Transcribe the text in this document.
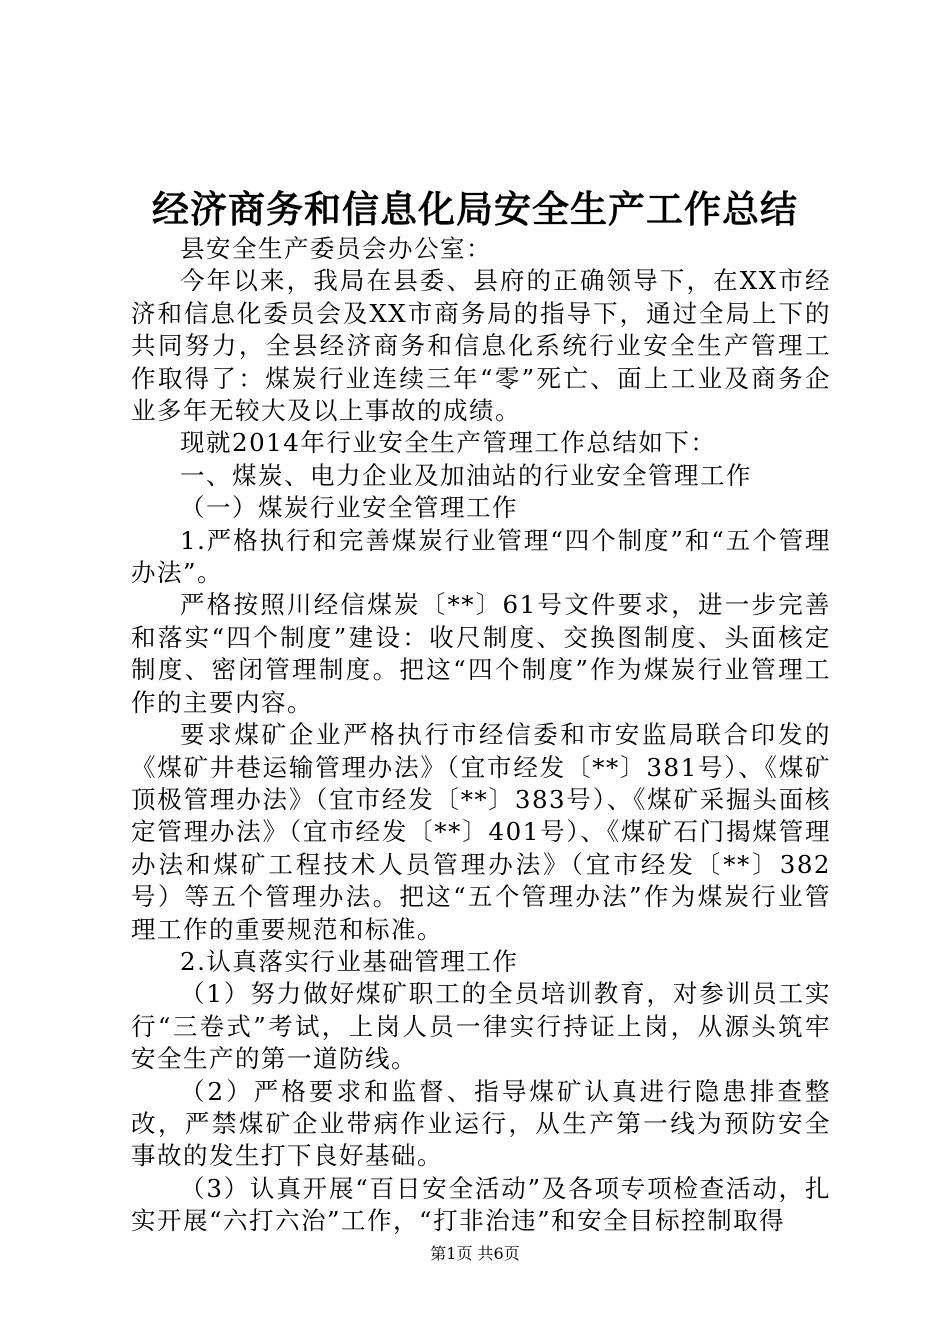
经济商务和信息化局安全生产工作总结

县安全生产委员会办公室：

今年以来，我局在县委、县府的正确领导下，在XX市经济和信息化委员会及XX市商务局的指导下，通过全局上下的共同努力，全县经济商务和信息化系统行业安全生产管理工作取得了：煤炭行业连续三年“零”死亡、面上工业及商务企业多年无较大及以上事故的成绩。

现就2014年行业安全生产管理工作总结如下：

一、煤炭、电力企业及加油站的行业安全管理工作

（一）煤炭行业安全管理工作

1.严格执行和完善煤炭行业管理“四个制度”和“五个管理办法”。

严格按照川经信煤炭〔**〕61号文件要求，进一步完善和落实“四个制度”建设：收尺制度、交换图制度、头面核定制度、密闭管理制度。把这“四个制度”作为煤炭行业管理工作的主要内容。

要求煤矿企业严格执行市经信委和市安监局联合印发的《煤矿井巷运输管理办法》（宜市经发〔**〕381号）、《煤矿顶极管理办法》（宜市经发〔**〕383号）、《煤矿采掘头面核定管理办法》（宜市经发〔**〕401号）、《煤矿石门揭煤管理办法和煤矿工程技术人员管理办法》（宜市经发〔**〕382号）等五个管理办法。把这“五个管理办法”作为煤炭行业管理工作的重要规范和标准。

2.认真落实行业基础管理工作

（1）努力做好煤矿职工的全员培训教育，对参训员工实行“三卷式”考试，上岗人员一律实行持证上岗，从源头筑牢安全生产的第一道防线。

（2）严格要求和监督、指导煤矿认真进行隐患排查整改，严禁煤矿企业带病作业运行，从生产第一线为预防安全事故的发生打下良好基础。

（3）认真开展“百日安全活动”及各项专项检查活动，扎实开展“六打六治”工作，“打非治违”和安全目标控制取得

第1页 共6页
